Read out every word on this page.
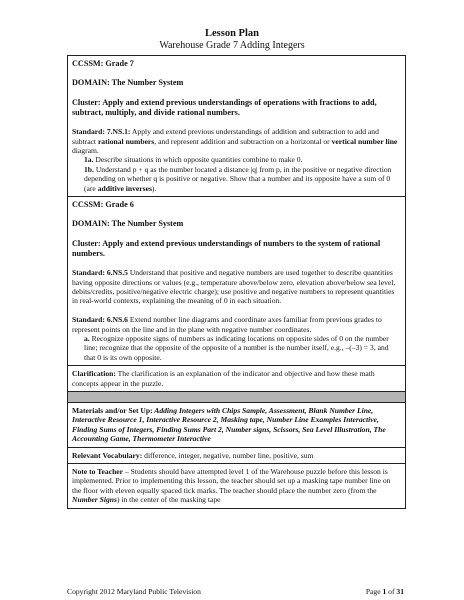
Lesson Plan
Warehouse Grade 7 Adding Integers

CCSSM: Grade 7

DOMAIN: The Number System

Cluster: Apply and extend previous understandings of operations with fractions to add, subtract, multiply, and divide rational numbers.

Standard: 7.NS.1: Apply and extend previous understandings of addition and subtraction to add and subtract rational numbers, and represent addition and subtraction on a horizontal or vertical number line diagram.

1a. Describe situations in which opposite quantities combine to make 0.

1b. Understand p + q as the number located a distance |q| from p, in the positive or negative direction depending on whether q is positive or negative. Show that a number and its opposite have a sum of 0 (are additive inverses).

CCSSM: Grade 6

DOMAIN: The Number System

Cluster: Apply and extend previous understandings of numbers to the system of rational numbers.

Standard: 6.NS.5 Understand that positive and negative numbers are used together to describe quantities having opposite directions or values (e.g., temperature above/below zero, elevation above/below sea level, debits/credits, positive/negative electric charge); use positive and negative numbers to represent quantities in real-world contexts, explaining the meaning of 0 in each situation.

Standard: 6.NS.6 Extend number line diagrams and coordinate axes familiar from previous grades to represent points on the line and in the plane with negative number coordinates.

a. Recognize opposite signs of numbers as indicating locations on opposite sides of 0 on the number line; recognize that the opposite of the opposite of a number is the number itself, e.g., –(–3) = 3, and that 0 is its own opposite.

Clarification: The clarification is an explanation of the indicator and objective and how these math concepts appear in the puzzle.

Materials and/or Set Up: Adding Integers with Chips Sample, Assessment, Blank Number Line, Interactive Resource 1, Interactive Resource 2, Masking tape, Number Line Examples Interactive, Finding Sums of Integers, Finding Sums Part 2, Number signs, Scissors, Sea Level Illustration, The Accounting Game, Thermometer Interactive

Relevant Vocabulary: difference, integer, negative, number line, positive, sum

Note to Teacher – Students should have attempted level 1 of the Warehouse puzzle before this lesson is implemented. Prior to implementing this lesson, the teacher should set up a masking tape number line on the floor with eleven equally spaced tick marks. The teacher should place the number zero (from the Number Signs) in the center of the masking tape

Copyright 2012 Maryland Public Television	Page 1 of 31
